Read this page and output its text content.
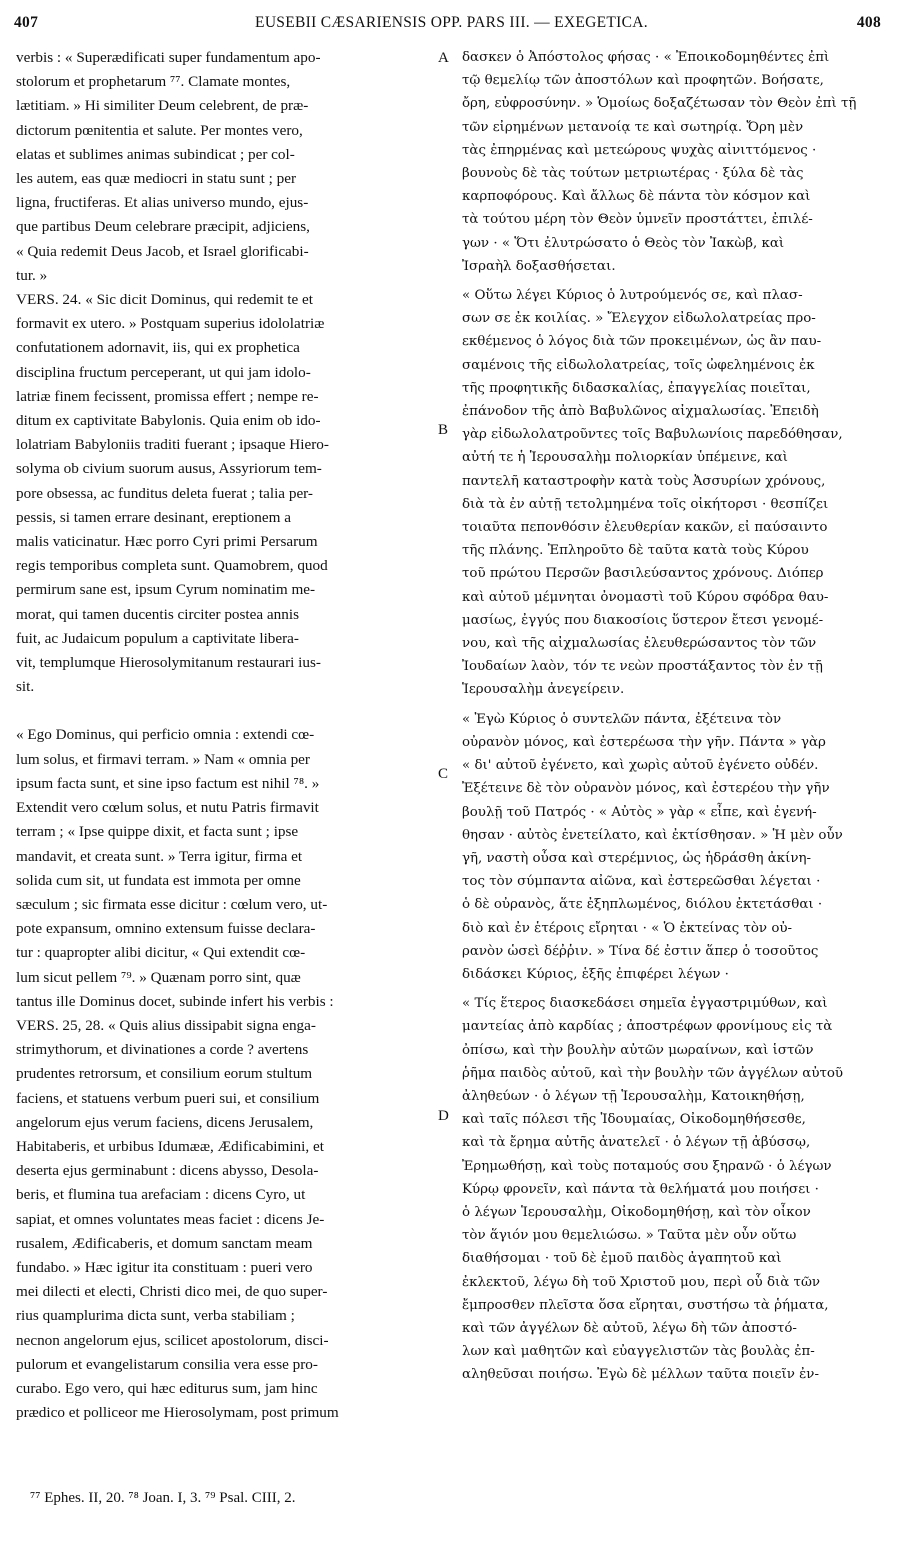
407	EUSEBII CÆSARIENSIS OPP. PARS III. — EXEGETICA.	408
verbis : « Superædificati super fundamentum apo-
stolorum et prophetarum ⁷⁷. Clamate montes,
lætitiam. » Hi similiter Deum celebrent, de præ-
dictorum pœnitentia et salute. Per montes vero,
elatas et sublimes animas subindicat ; per col-
les autem, eas quæ mediocri in statu sunt ; per
ligna, fructiferas. Et alias universo mundo, ejus-
que partibus Deum celebrare præcipit, adjiciens,
« Quia redemit Deus Jacob, et Israel glorificabi-
tur. »
VERS. 24. « Sic dicit Dominus, qui redemit te et
formavit ex utero. » Postquam superius idololatriæ
confutationem adornavit, iis, qui ex prophetica
disciplina fructum perceperant, ut qui jam idolo-
latriæ finem fecissent, promissa effert ; nempe re-
ditum ex captivitate Babylonis. Quia enim ob ido-
lolatriam Babyloniis traditi fuerant ; ipsaque Hiero-
solyma ob civium suorum ausus, Assyriorum tem-
pore obsessa, ac funditus deleta fuerat ; talia per-
pessis, si tamen errare desinant, ereptionem a
malis vaticinatur. Hæc porro Cyri primi Persarum
regis temporibus completa sunt. Quamobrem, quod
permirum sane est, ipsum Cyrum nominatim me-
morat, qui tamen ducentis circiter postea annis
fuit, ac Judaicum populum a captivitate libera-
vit, templumque Hierosolymitanum restaurari ius-
sit.
« Ego Dominus, qui perficio omnia : extendi cœ-
lum solus, et firmavi terram. » Nam « omnia per
ipsum facta sunt, et sine ipso factum est nihil ⁷⁸. »
Extendit vero cœlum solus, et nutu Patris firmavit
terram ; « Ipse quippe dixit, et facta sunt ; ipse
mandavit, et creata sunt. » Terra igitur, firma et
solida cum sit, ut fundata est immota per omne
sæculum ; sic firmata esse dicitur : cœlum vero, ut-
pote expansum, omnino extensum fuisse declara-
tur : quapropter alibi dicitur, « Qui extendit cœ-
lum sicut pellem ⁷⁹. » Quænam porro sint, quæ
tantus ille Dominus docet, subinde infert his verbis :
VERS. 25, 28. « Quis alius dissipabit signa enga-
strimythorum, et divinationes a corde ? avertens
prudentes retrorsum, et consilium eorum stultum
faciens, et statuens verbum pueri sui, et consilium
angelorum ejus verum faciens, dicens Jerusalem,
Habitaberis, et urbibus Idumææ, Ædificabimini, et
deserta ejus germinabunt : dicens abysso, Desola-
beris, et flumina tua arefaciam : dicens Cyro, ut
sapiat, et omnes voluntates meas faciet : dicens Je-
rusalem, Ædificaberis, et domum sanctam meam
fundabo. » Hæc igitur ita constituam : pueri vero
mei dilecti et electi, Christi dico mei, de quo super-
rius quamplurima dicta sunt, verba stabiliam ;
necnon angelorum ejus, scilicet apostolorum, disci-
pulorum et evangelistarum consilia vera esse pro-
curabo. Ego vero, qui hæc editurus sum, jam hinc
prædico et polliceor me Hierosolymam, post primum
A
B
C
D
δασκεν ὁ Ἀπόστολος φήσας · « Ἐποικοδομηθέντες ἐπὶ
τῷ θεμελίῳ τῶν ἀποστόλων καὶ προφητῶν. Βοήσατε,
ὄρη, εὐφροσύνην. » Ὁμοίως δοξαζέτωσαν τὸν Θεὸν ἐπὶ τῇ
τῶν εἰρημένων μετανοίᾳ τε καὶ σωτηρίᾳ. Ὄρη μὲν
τὰς ἐπηρμένας καὶ μετεώρους ψυχὰς αἰνιττόμενος ·
βουνοὺς δὲ τὰς τούτων μετριωτέρας · ξύλα δὲ τὰς
καρποφόρους. Καὶ ἄλλως δὲ πάντα τὸν κόσμον καὶ
τὰ τούτου μέρη τὸν Θεὸν ὑμνεῖν προστάττει, ἐπιλέ-
γων · « Ὅτι ἐλυτρώσατο ὁ Θεὸς τὸν Ἰακὼβ, καὶ
Ἰσραὴλ δοξασθήσεται.
« Οὕτω λέγει Κύριος ὁ λυτρούμενός σε, καὶ πλασ-
σων σε ἐκ κοιλίας. » Ἔλεγχον εἰδωλολατρείας προ-
εκθέμενος ὁ λόγος διὰ τῶν προκειμένων, ὡς ἂν παυ-
σαμένοις τῆς εἰδωλολατρείας, τοῖς ὠφελημένοις ἐκ
τῆς προφητικῆς διδασκαλίας, ἐπαγγελίας ποιεῖται,
ἐπάνοδον τῆς ἀπὸ Βαβυλῶνος αἰχμαλωσίας. Ἐπειδὴ
γὰρ εἰδωλολατροῦντες τοῖς Βαβυλωνίοις παρεδόθησαν,
αὐτή τε ἡ Ἱερουσαλὴμ πολιορκίαν ὑπέμεινε, καὶ
παντελῆ καταστροφὴν κατὰ τοὺς Ἀσσυρίων χρόνους,
διὰ τὰ ἐν αὐτῇ τετολμημένα τοῖς οἰκήτορσι · θεσπίζει
τοιαῦτα πεπονθόσιν ἐλευθερίαν κακῶν, εἰ παύσαιντο
τῆς πλάνης. Ἐπληροῦτο δὲ ταῦτα κατὰ τοὺς Κύρου
τοῦ πρώτου Περσῶν βασιλεύσαντος χρόνους. Διόπερ
καὶ αὐτοῦ μέμνηται ὀνομαστὶ τοῦ Κύρου σφόδρα θαυ-
μασίως, ἐγγύς που διακοσίοις ὕστερον ἔτεσι γενομέ-
νου, καὶ τῆς αἰχμαλωσίας ἐλευθερώσαντος τὸν τῶν
Ἰουδαίων λαὸν, τόν τε νεὼν προστάξαντος τὸν ἐν τῇ
Ἱερουσαλὴμ ἀνεγείρειν.
« Ἐγὼ Κύριος ὁ συντελῶν πάντα, ἐξέτεινα τὸν
οὐρανὸν μόνος, καὶ ἐστερέωσα τὴν γῆν. Πάντα » γὰρ
« δι' αὐτοῦ ἐγένετο, καὶ χωρὶς αὐτοῦ ἐγένετο οὐδέν.
Ἐξέτεινε δὲ τὸν οὐρανὸν μόνος, καὶ ἐστερέου τὴν γῆν
βουλῇ τοῦ Πατρός · « Αὐτὸς » γὰρ « εἶπε, καὶ ἐγενή-
θησαν · αὐτὸς ἐνετείλατο, καὶ ἐκτίσθησαν. » Ἡ μὲν οὖν
γῆ, ναστὴ οὖσα καὶ στερέμνιος, ὡς ἡδράσθη ἀκίνη-
τος τὸν σύμπαντα αἰῶνα, καὶ ἐστερεῶσθαι λέγεται ·
ὁ δὲ οὐρανὸς, ἅτε ἐξηπλωμένος, διόλου ἐκτετάσθαι ·
διὸ καὶ ἐν ἑτέροις εἴρηται · « Ὁ ἐκτείνας τὸν οὐ-
ρανὸν ὡσεὶ δέῤῥιν. » Τίνα δέ ἐστιν ἅπερ ὁ τοσοῦτος
διδάσκει Κύριος, ἑξῆς ἐπιφέρει λέγων ·
« Τίς ἕτερος διασκεδάσει σημεῖα ἐγγαστριμύθων, καὶ
μαντείας ἀπὸ καρδίας ; ἀποστρέφων φρονίμους εἰς τὰ
ὀπίσω, καὶ τὴν βουλὴν αὐτῶν μωραίνων, καὶ ἱστῶν
ῥῆμα παιδὸς αὐτοῦ, καὶ τὴν βουλὴν τῶν ἀγγέλων αὐτοῦ
ἀληθεύων · ὁ λέγων τῇ Ἱερουσαλὴμ, Κατοικηθήσῃ,
καὶ ταῖς πόλεσι τῆς Ἰδουμαίας, Οἰκοδομηθήσεσθε,
καὶ τὰ ἔρημα αὐτῆς ἀνατελεῖ · ὁ λέγων τῇ ἀβύσσῳ,
Ἐρημωθήσῃ, καὶ τοὺς ποταμούς σου ξηρανῶ · ὁ λέγων
Κύρῳ φρονεῖν, καὶ πάντα τὰ θελήματά μου ποιήσει ·
ὁ λέγων Ἱερουσαλὴμ, Οἰκοδομηθήσῃ, καὶ τὸν οἶκον
τὸν ἅγιόν μου θεμελιώσω. » Ταῦτα μὲν οὖν οὕτω
διαθήσομαι · τοῦ δὲ ἐμοῦ παιδὸς ἀγαπητοῦ καὶ
ἐκλεκτοῦ, λέγω δὴ τοῦ Χριστοῦ μου, περὶ οὗ διὰ τῶν
ἔμπροσθεν πλεῖστα ὅσα εἴρηται, συστήσω τὰ ῥήματα,
καὶ τῶν ἀγγέλων δὲ αὐτοῦ, λέγω δὴ τῶν ἀποστό-
λων καὶ μαθητῶν καὶ εὐαγγελιστῶν τὰς βουλὰς ἐπ-
αληθεῦσαι ποιήσω. Ἐγὼ δὲ μέλλων ταῦτα ποιεῖν ἐν-
⁷⁷ Ephes. II, 20. ⁷⁸ Joan. I, 3. ⁷⁹ Psal. CIII, 2.
